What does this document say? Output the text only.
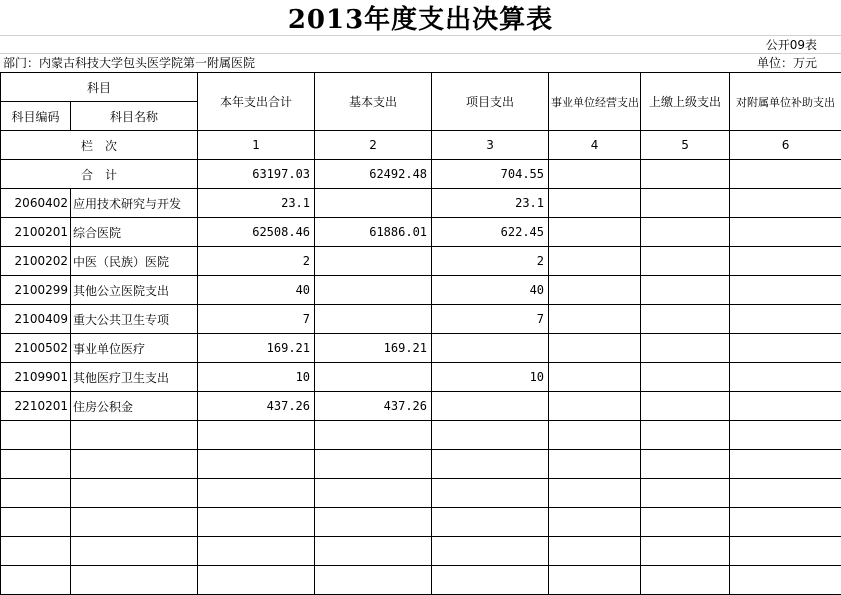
2013年度支出决算表
公开09表
部门：内蒙古科技大学包头医学院第一附属医院	单位：万元
科目		本年支出合计	基本支出	项目支出	事业单位经营支出	上缴上级支出	对附属单位补助支出
科目编码	科目名称						
栏　次		1	2	3	4	5	6
合　计		63197.03	62492.48	704.55			
2060402	应用技术研究与开发	23.1		23.1			
2100201	综合医院	62508.46	61886.01	622.45			
2100202	中医（民族）医院	2		2			
2100299	其他公立医院支出	40		40			
2100409	重大公共卫生专项	7		7			
2100502	事业单位医疗	169.21	169.21				
2109901	其他医疗卫生支出	10		10			
2210201	住房公积金	437.26	437.26				
